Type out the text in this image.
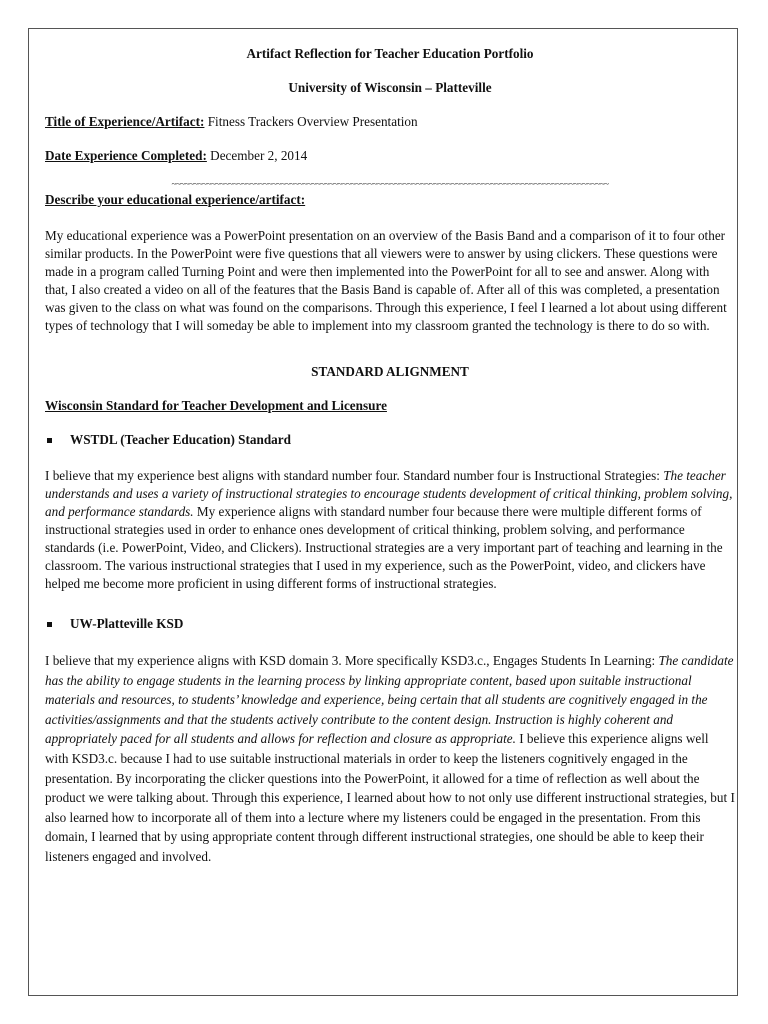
Artifact Reflection for Teacher Education Portfolio

University of Wisconsin – Platteville

Title of Experience/Artifact: Fitness Trackers Overview Presentation

Date Experience Completed: December 2, 2014

~~~~~~~~~~~~~~~~~~~~~~~~~~~~~~~~~~~~~~~~~~~~~~~~~~~~~~~~~~~~~~~~~~~~~~~~~~~~~~~~~~~~~~~~~~~~~~~~~~~~

Describe your educational experience/artifact:

My educational experience was a PowerPoint presentation on an overview of the Basis Band and a comparison of it to four other similar products. In the PowerPoint were five questions that all viewers were to answer by using clickers. These questions were made in a program called Turning Point and were then implemented into the PowerPoint for all to see and answer. Along with that, I also created a video on all of the features that the Basis Band is capable of. After all of this was completed, a presentation was given to the class on what was found on the comparisons. Through this experience, I feel I learned a lot about using different types of technology that I will someday be able to implement into my classroom granted the technology is there to do so with.

STANDARD ALIGNMENT

Wisconsin Standard for Teacher Development and Licensure

WSTDL (Teacher Education) Standard

I believe that my experience best aligns with standard number four. Standard number four is Instructional Strategies: The teacher understands and uses a variety of instructional strategies to encourage students development of critical thinking, problem solving, and performance standards. My experience aligns with standard number four because there were multiple different forms of instructional strategies used in order to enhance ones development of critical thinking, problem solving, and performance standards (i.e. PowerPoint, Video, and Clickers). Instructional strategies are a very important part of teaching and learning in the classroom. The various instructional strategies that I used in my experience, such as the PowerPoint, video, and clickers have helped me become more proficient in using different forms of instructional strategies.

UW-Platteville KSD

I believe that my experience aligns with KSD domain 3. More specifically KSD3.c., Engages Students In Learning: The candidate has the ability to engage students in the learning process by linking appropriate content, based upon suitable instructional materials and resources, to students’ knowledge and experience, being certain that all students are cognitively engaged in the activities/assignments and that the students actively contribute to the content design. Instruction is highly coherent and appropriately paced for all students and allows for reflection and closure as appropriate. I believe this experience aligns well with KSD3.c. because I had to use suitable instructional materials in order to keep the listeners cognitively engaged in the presentation. By incorporating the clicker questions into the PowerPoint, it allowed for a time of reflection as well about the product we were talking about. Through this experience, I learned about how to not only use different instructional strategies, but I also learned how to incorporate all of them into a lecture where my listeners could be engaged in the presentation. From this domain, I learned that by using appropriate content through different instructional strategies, one should be able to keep their listeners engaged and involved.
